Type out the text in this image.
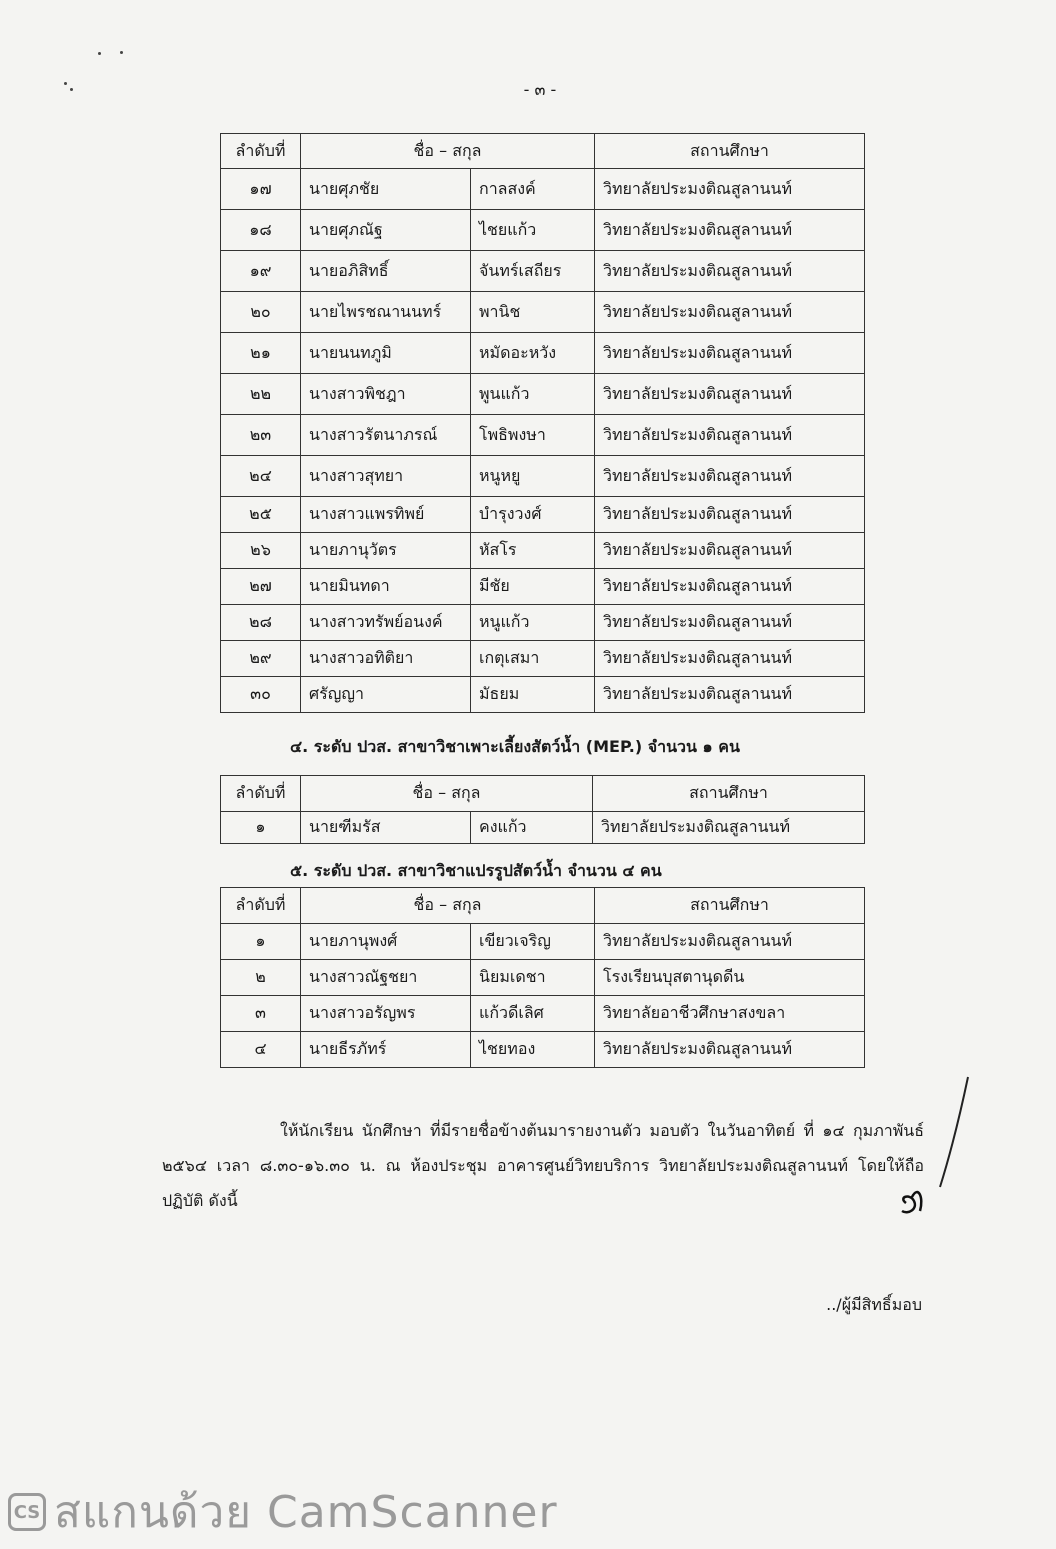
- ๓ -
ลำดับที่	ชื่อ – สกุล		สถานศึกษา
๑๗	นายศุภชัย	กาลสงค์	วิทยาลัยประมงติณสูลานนท์
๑๘	นายศุภณัฐ	ไชยแก้ว	วิทยาลัยประมงติณสูลานนท์
๑๙	นายอภิสิทธิ์	จันทร์เสถียร	วิทยาลัยประมงติณสูลานนท์
๒๐	นายไพรชณานนทร์	พานิช	วิทยาลัยประมงติณสูลานนท์
๒๑	นายนนทภูมิ	หมัดอะหวัง	วิทยาลัยประมงติณสูลานนท์
๒๒	นางสาวพิชฎา	พูนแก้ว	วิทยาลัยประมงติณสูลานนท์
๒๓	นางสาวรัตนาภรณ์	โพธิพงษา	วิทยาลัยประมงติณสูลานนท์
๒๔	นางสาวสุทยา	หนูหยู	วิทยาลัยประมงติณสูลานนท์
๒๕	นางสาวแพรทิพย์	บำรุงวงศ์	วิทยาลัยประมงติณสูลานนท์
๒๖	นายภานุวัตร	หัสโร	วิทยาลัยประมงติณสูลานนท์
๒๗	นายมินทดา	มีชัย	วิทยาลัยประมงติณสูลานนท์
๒๘	นางสาวทรัพย์อนงค์	หนูแก้ว	วิทยาลัยประมงติณสูลานนท์
๒๙	นางสาวอทิติยา	เกตุเสมา	วิทยาลัยประมงติณสูลานนท์
๓๐	ศรัญญา	มัธยม	วิทยาลัยประมงติณสูลานนท์
๔. ระดับ ปวส. สาขาวิชาเพาะเลี้ยงสัตว์น้ำ (MEP.) จำนวน ๑ คน
ลำดับที่	ชื่อ – สกุล		สถานศึกษา
๑	นายฑีมรัส	คงแก้ว	วิทยาลัยประมงติณสูลานนท์
๕. ระดับ ปวส. สาขาวิชาแปรรูปสัตว์น้ำ จำนวน ๔ คน
ลำดับที่	ชื่อ – สกุล		สถานศึกษา
๑	นายภานุพงศ์	เขียวเจริญ	วิทยาลัยประมงติณสูลานนท์
๒	นางสาวณัฐชยา	นิยมเดชา	โรงเรียนบุสตานุดดีน
๓	นางสาวอรัญพร	แก้วดีเลิศ	วิทยาลัยอาชีวศึกษาสงขลา
๔	นายธีรภัทร์	ไชยทอง	วิทยาลัยประมงติณสูลานนท์

ให้นักเรียน นักศึกษา ที่มีรายชื่อข้างต้นมารายงานตัว มอบตัว ในวันอาทิตย์ ที่ ๑๔ กุมภาพันธ์ ๒๕๖๔ เวลา ๘.๓๐-๑๖.๓๐ น. ณ ห้องประชุม อาคารศูนย์วิทยบริการ วิทยาลัยประมงติณสูลานนท์ โดยให้ถือปฏิบัติ ดังนี้

../ผู้มีสิทธิ์มอบ
CS สแกนด้วย CamScanner
